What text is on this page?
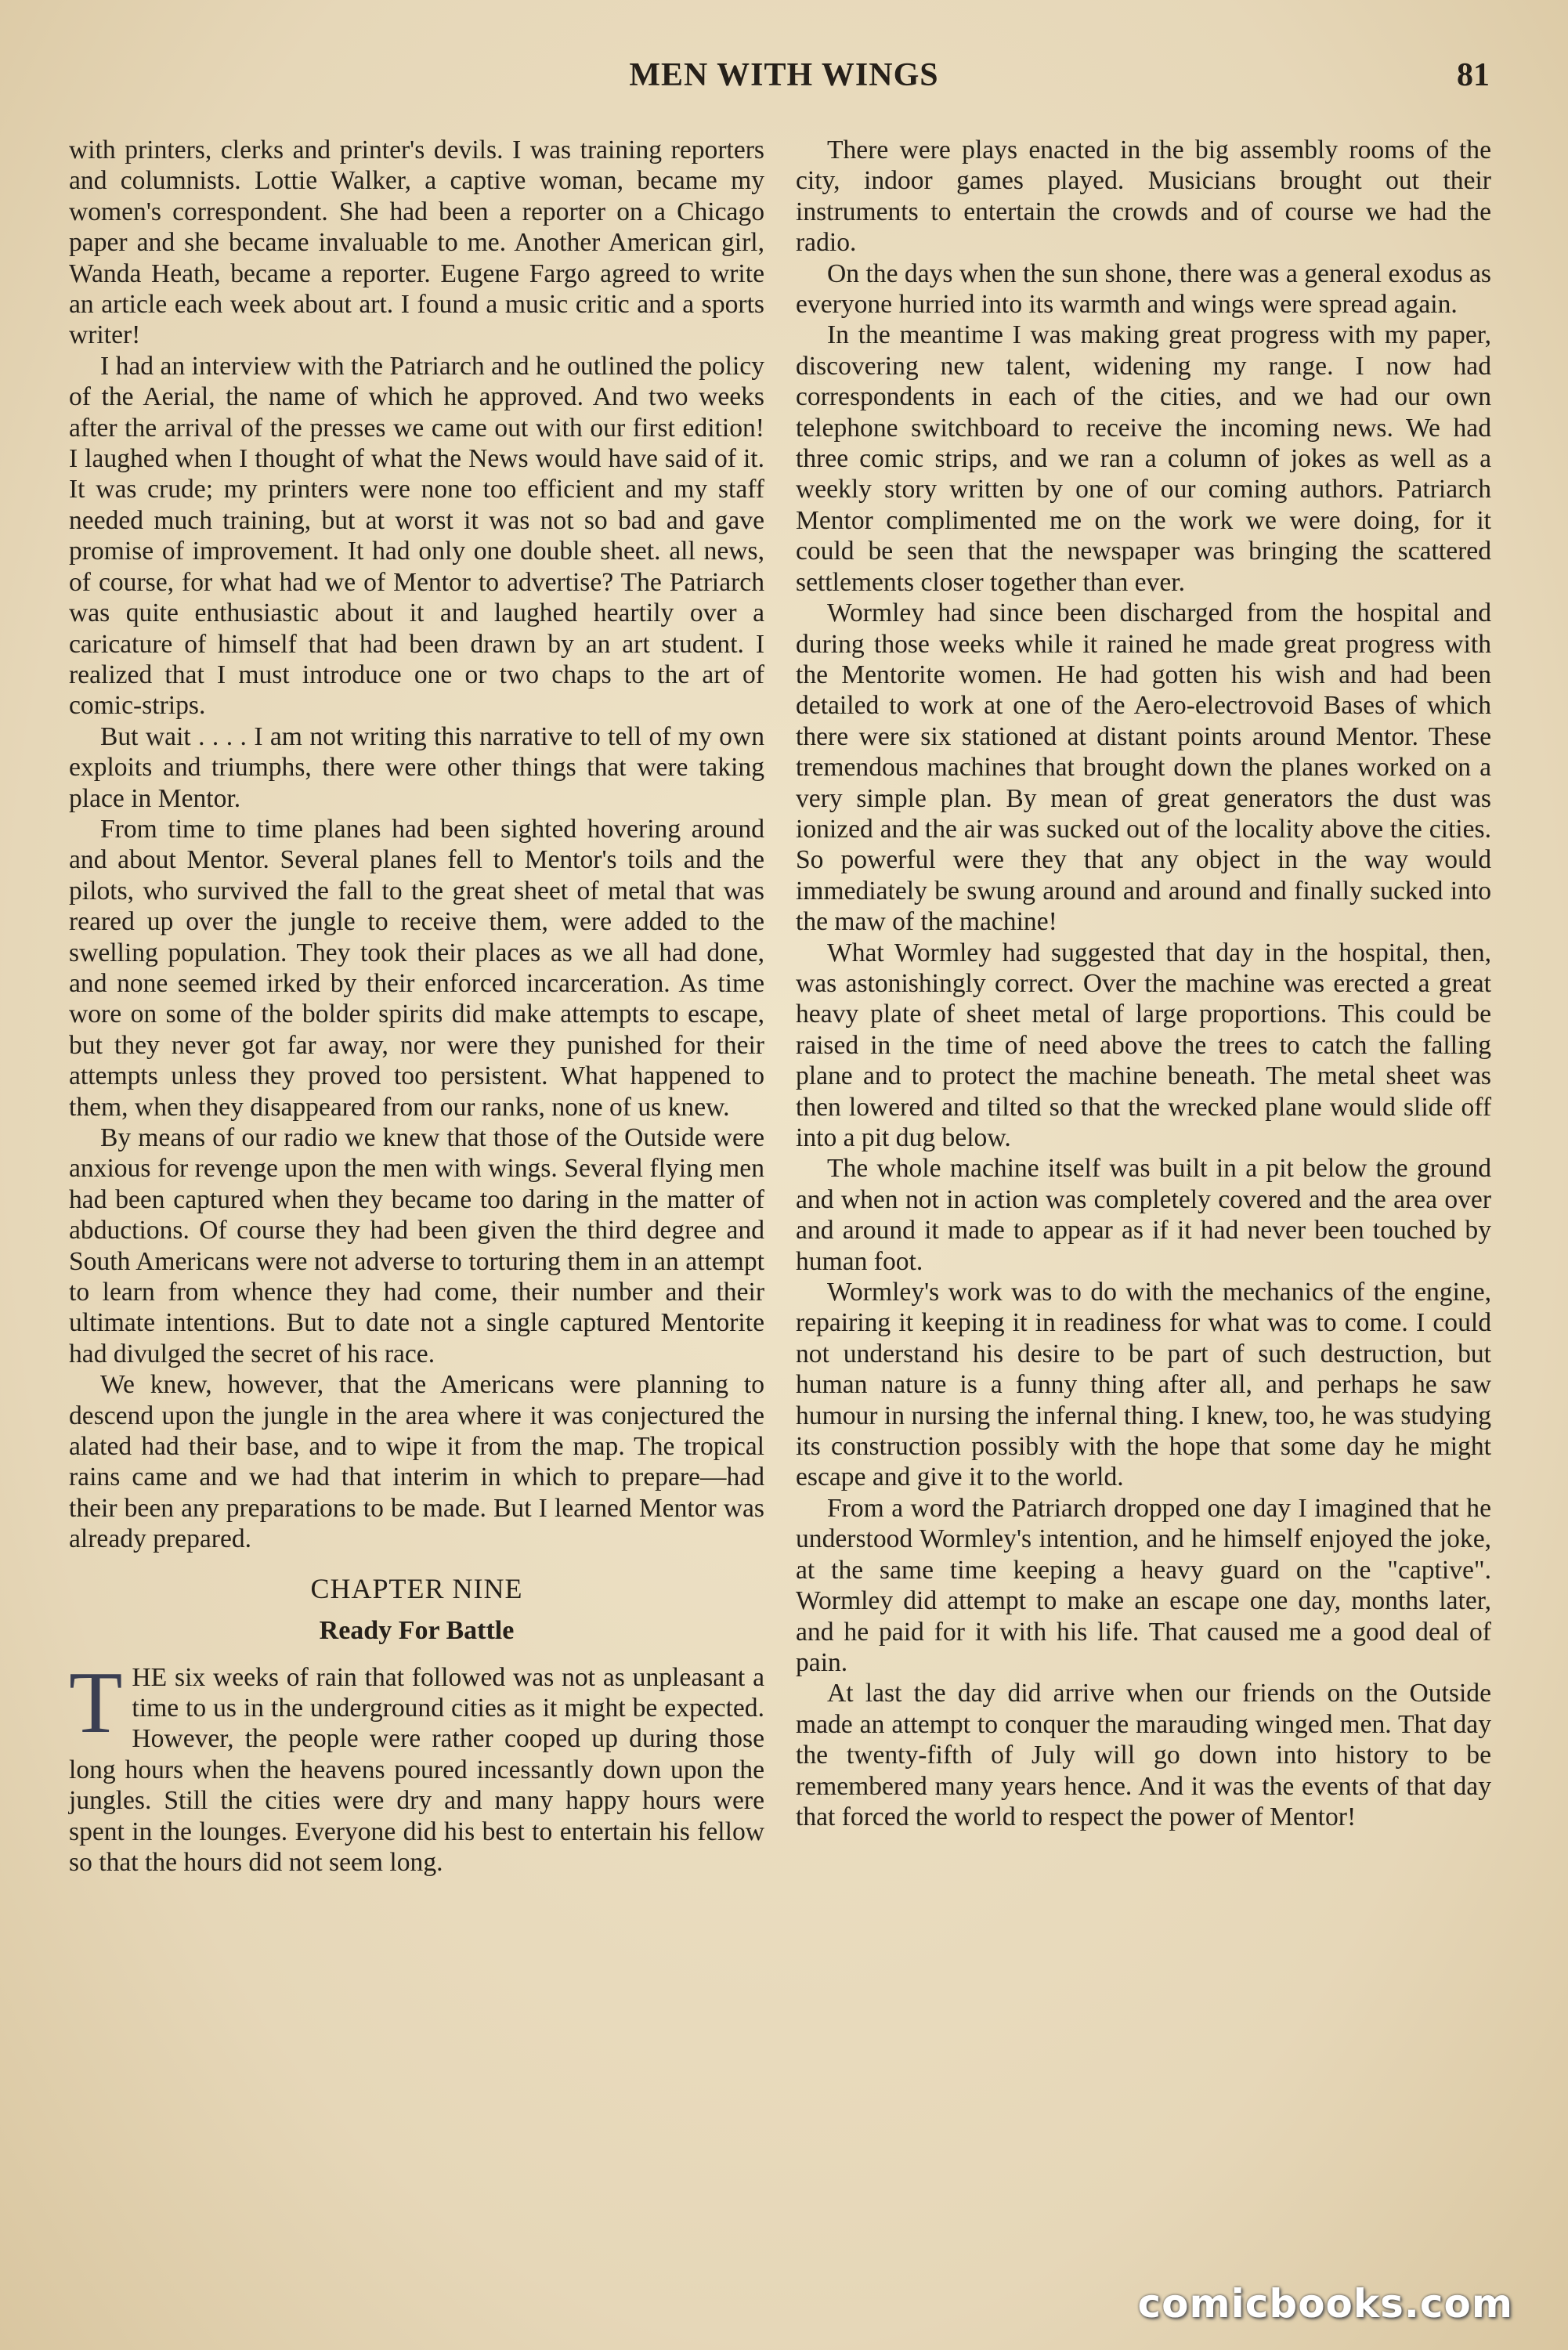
MEN WITH WINGS	81

with printers, clerks and printer's devils. I was training reporters and columnists. Lottie Walker, a captive woman, became my women's correspondent. She had been a reporter on a Chicago paper and she became invaluable to me. Another American girl, Wanda Heath, became a reporter. Eugene Fargo agreed to write an article each week about art. I found a music critic and a sports writer!

I had an interview with the Patriarch and he outlined the policy of the Aerial, the name of which he approved. And two weeks after the arrival of the presses we came out with our first edition! I laughed when I thought of what the News would have said of it. It was crude; my printers were none too efficient and my staff needed much training, but at worst it was not so bad and gave promise of improvement. It had only one double sheet. all news, of course, for what had we of Mentor to advertise? The Patriarch was quite enthusiastic about it and laughed heartily over a caricature of himself that had been drawn by an art student. I realized that I must introduce one or two chaps to the art of comic-strips.

But wait . . . . I am not writing this narrative to tell of my own exploits and triumphs, there were other things that were taking place in Mentor.

From time to time planes had been sighted hovering around and about Mentor. Several planes fell to Mentor's toils and the pilots, who survived the fall to the great sheet of metal that was reared up over the jungle to receive them, were added to the swelling population. They took their places as we all had done, and none seemed irked by their enforced incarceration. As time wore on some of the bolder spirits did make attempts to escape, but they never got far away, nor were they punished for their attempts unless they proved too persistent. What happened to them, when they disappeared from our ranks, none of us knew.

By means of our radio we knew that those of the Outside were anxious for revenge upon the men with wings. Several flying men had been captured when they became too daring in the matter of abductions. Of course they had been given the third degree and South Americans were not adverse to torturing them in an attempt to learn from whence they had come, their number and their ultimate intentions. But to date not a single captured Mentorite had divulged the secret of his race.

We knew, however, that the Americans were planning to descend upon the jungle in the area where it was conjectured the alated had their base, and to wipe it from the map. The tropical rains came and we had that interim in which to prepare—had their been any preparations to be made. But I learned Mentor was already prepared.

CHAPTER NINE
Ready For Battle

THE six weeks of rain that followed was not as unpleasant a time to us in the underground cities as it might be expected. However, the people were rather cooped up during those long hours when the heavens poured incessantly down upon the jungles. Still the cities were dry and many happy hours were spent in the lounges. Everyone did his best to entertain his fellow so that the hours did not seem long.

There were plays enacted in the big assembly rooms of the city, indoor games played. Musicians brought out their instruments to entertain the crowds and of course we had the radio.

On the days when the sun shone, there was a general exodus as everyone hurried into its warmth and wings were spread again.

In the meantime I was making great progress with my paper, discovering new talent, widening my range. I now had correspondents in each of the cities, and we had our own telephone switchboard to receive the incoming news. We had three comic strips, and we ran a column of jokes as well as a weekly story written by one of our coming authors. Patriarch Mentor complimented me on the work we were doing, for it could be seen that the newspaper was bringing the scattered settlements closer together than ever.

Wormley had since been discharged from the hospital and during those weeks while it rained he made great progress with the Mentorite women. He had gotten his wish and had been detailed to work at one of the Aero-electrovoid Bases of which there were six stationed at distant points around Mentor. These tremendous machines that brought down the planes worked on a very simple plan. By mean of great generators the dust was ionized and the air was sucked out of the locality above the cities. So powerful were they that any object in the way would immediately be swung around and around and finally sucked into the maw of the machine!

What Wormley had suggested that day in the hospital, then, was astonishingly correct. Over the machine was erected a great heavy plate of sheet metal of large proportions. This could be raised in the time of need above the trees to catch the falling plane and to protect the machine beneath. The metal sheet was then lowered and tilted so that the wrecked plane would slide off into a pit dug below.

The whole machine itself was built in a pit below the ground and when not in action was completely covered and the area over and around it made to appear as if it had never been touched by human foot.

Wormley's work was to do with the mechanics of the engine, repairing it keeping it in readiness for what was to come. I could not understand his desire to be part of such destruction, but human nature is a funny thing after all, and perhaps he saw humour in nursing the infernal thing. I knew, too, he was studying its construction possibly with the hope that some day he might escape and give it to the world.

From a word the Patriarch dropped one day I imagined that he understood Wormley's intention, and he himself enjoyed the joke, at the same time keeping a heavy guard on the "captive". Wormley did attempt to make an escape one day, months later, and he paid for it with his life. That caused me a good deal of pain.

At last the day did arrive when our friends on the Outside made an attempt to conquer the marauding winged men. That day the twenty-fifth of July will go down into history to be remembered many years hence. And it was the events of that day that forced the world to respect the power of Mentor!

comicbooks.com
